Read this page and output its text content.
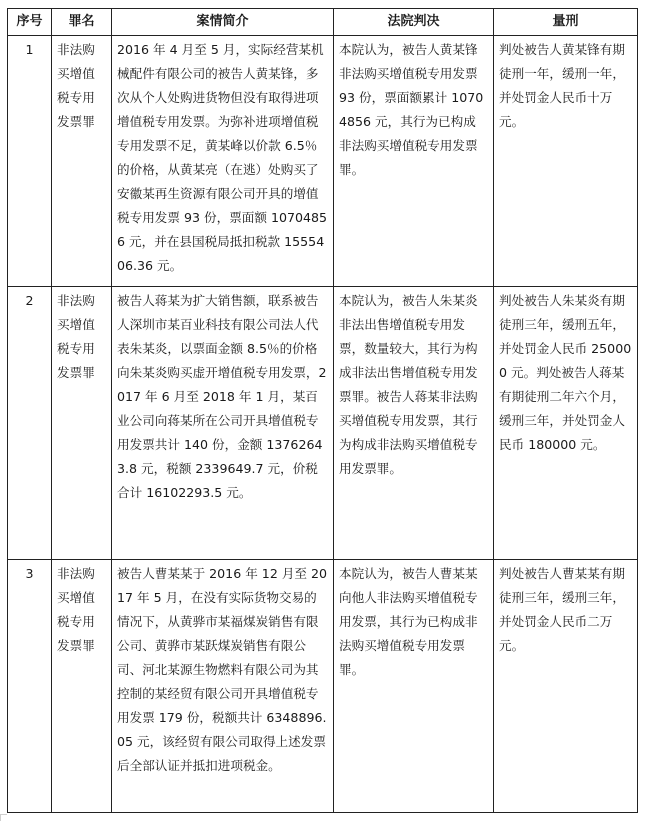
序号	罪名	案情简介	法院判决	量刑
1	非法购买增值税专用发票罪	2016 年 4 月至 5 月，实际经营某机械配件有限公司的被告人黄某锋，多次从个人处购进货物但没有取得进项增值税专用发票。为弥补进项增值税专用发票不足，黄某峰以价款 6.5％的价格，从黄某亮（在逃）处购买了安徽某再生资源有限公司开具的增值税专用发票 93 份，票面额 10704856 元，并在县国税局抵扣税款 1555406.36 元。	本院认为，被告人黄某锋非法购买增值税专用发票 93 份，票面额累计 10704856 元，其行为已构成非法购买增值税专用发票罪。	判处被告人黄某锋有期徒刑一年，缓刑一年，并处罚金人民币十万元。
2	非法购买增值税专用发票罪	被告人蒋某为扩大销售额，联系被告人深圳市某百业科技有限公司法人代表朱某炎，以票面金额 8.5％的价格向朱某炎购买虚开增值税专用发票，2017 年 6 月至 2018 年 1 月，某百业公司向蒋某所在公司开具增值税专用发票共计 140 份，金额 13762643.8 元，税额 2339649.7 元，价税合计 16102293.5 元。	本院认为，被告人朱某炎非法出售增值税专用发票，数量较大，其行为构成非法出售增值税专用发票罪。被告人蒋某非法购买增值税专用发票，其行为构成非法购买增值税专用发票罪。	判处被告人朱某炎有期徒刑三年，缓刑五年，并处罚金人民币 250000 元。判处被告人蒋某有期徒刑二年六个月，缓刑三年，并处罚金人民币 180000 元。
3	非法购买增值税专用发票罪	被告人曹某某于 2016 年 12 月至 2017 年 5 月，在没有实际货物交易的情况下，从黄骅市某福煤炭销售有限公司、黄骅市某跃煤炭销售有限公司、河北某源生物燃料有限公司为其控制的某经贸有限公司开具增值税专用发票 179 份，税额共计 6348896.05 元，该经贸有限公司取得上述发票后全部认证并抵扣进项税金。	本院认为，被告人曹某某向他人非法购买增值税专用发票，其行为已构成非法购买增值税专用发票罪。	判处被告人曹某某有期徒刑三年，缓刑三年，并处罚金人民币二万元。
